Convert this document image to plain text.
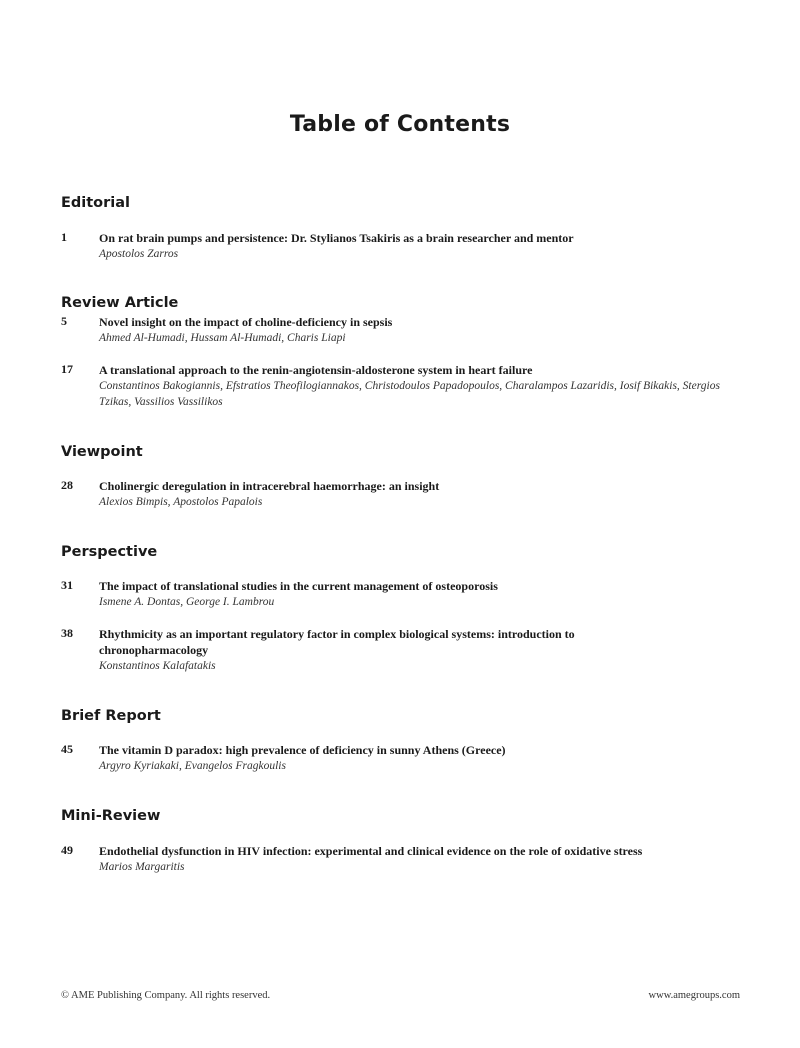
Table of Contents
Editorial
1	On rat brain pumps and persistence: Dr. Stylianos Tsakiris as a brain researcher and mentor
Apostolos Zarros
Review Article
5	Novel insight on the impact of choline-deficiency in sepsis
Ahmed Al-Humadi, Hussam Al-Humadi, Charis Liapi
17 A translational approach to the renin-angiotensin-aldosterone system in heart failure
Constantinos Bakogiannis, Efstratios Theofilogiannakos, Christodoulos Papadopoulos, Charalampos Lazaridis, Iosif Bikakis, Stergios Tzikas, Vassilios Vassilikos
Viewpoint
28 Cholinergic deregulation in intracerebral haemorrhage: an insight
Alexios Bimpis, Apostolos Papalois
Perspective
31 The impact of translational studies in the current management of osteoporosis
Ismene A. Dontas, George I. Lambrou
38 Rhythmicity as an important regulatory factor in complex biological systems: introduction to chronopharmacology
Konstantinos Kalafatakis
Brief Report
45 The vitamin D paradox: high prevalence of deficiency in sunny Athens (Greece)
Argyro Kyriakaki, Evangelos Fragkoulis
Mini-Review
49 Endothelial dysfunction in HIV infection: experimental and clinical evidence on the role of oxidative stress
Marios Margaritis
© AME Publishing Company. All rights reserved.	www.amegroups.com
